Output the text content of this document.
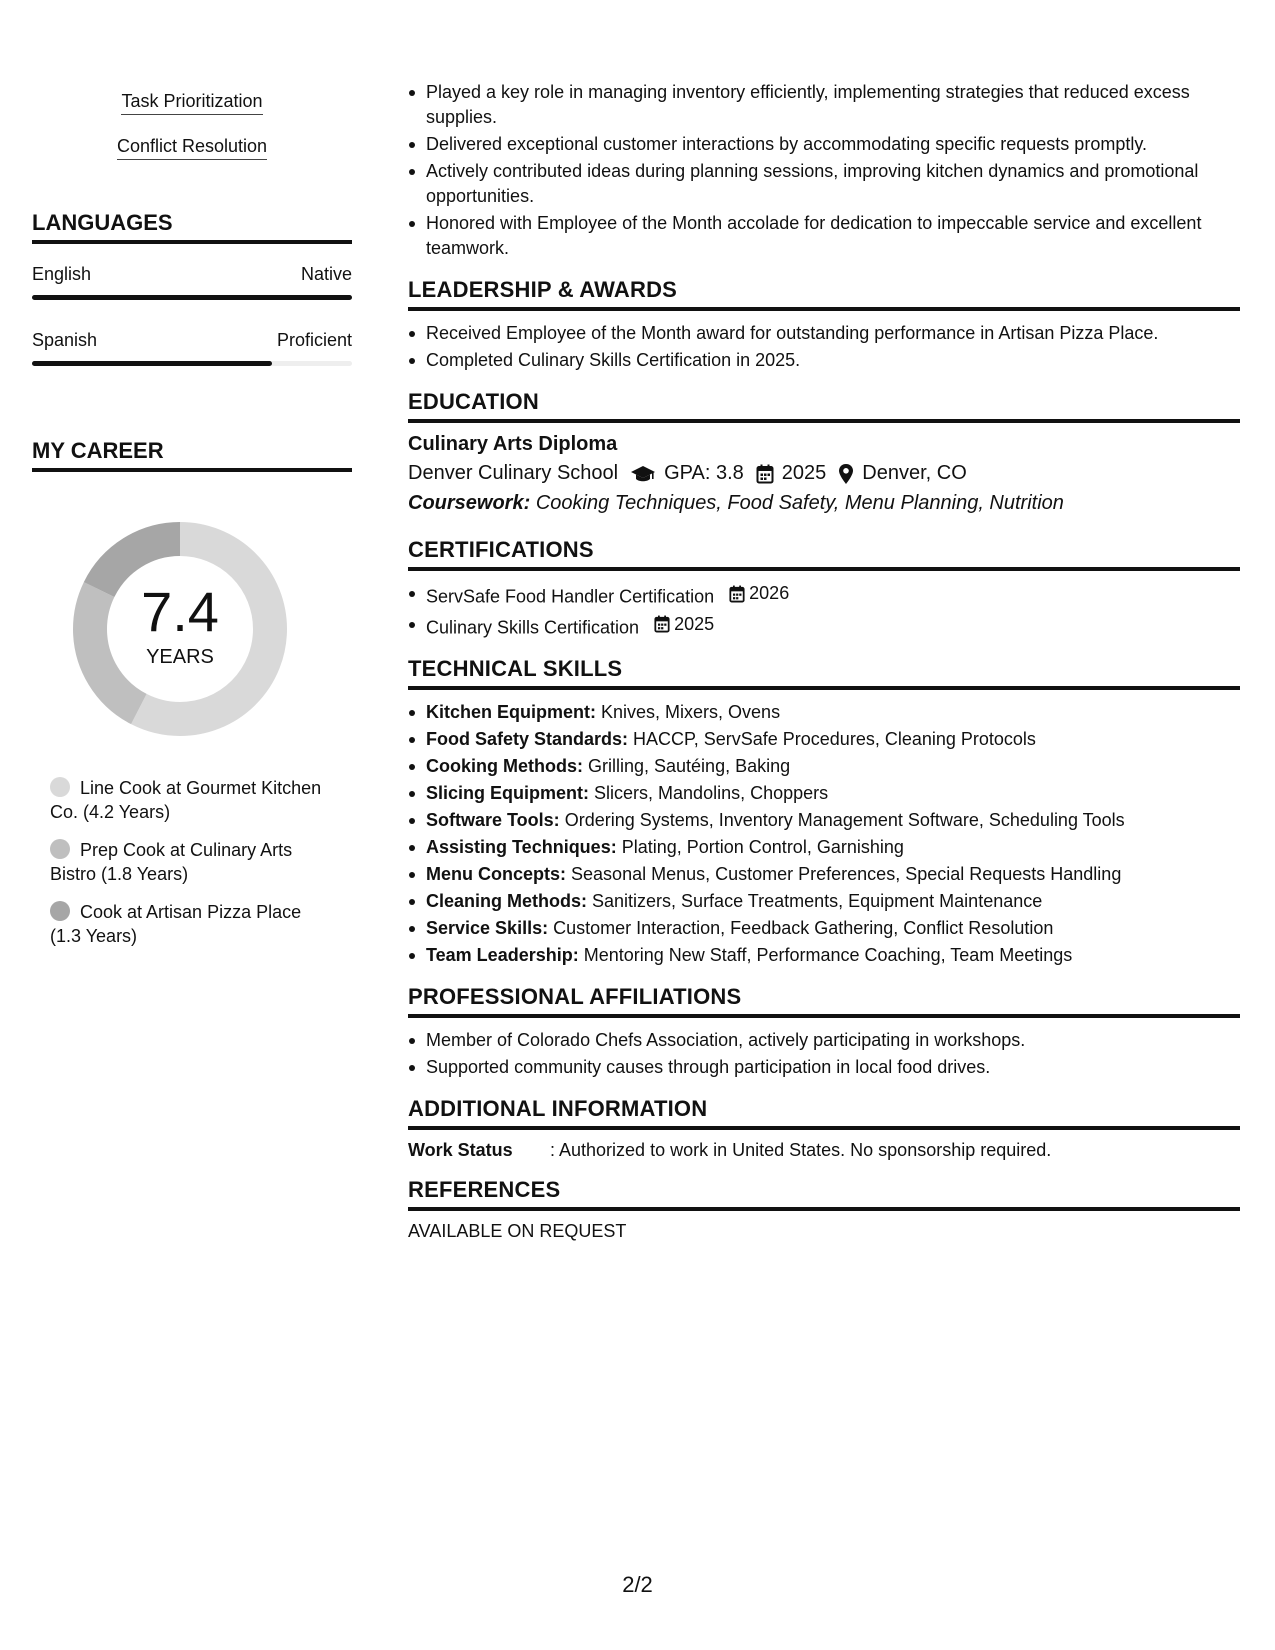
Task Prioritization
Conflict Resolution
LANGUAGES
English	Native
Spanish	Proficient
MY CAREER
7.4
YEARS
Line Cook at Gourmet Kitchen Co. (4.2 Years)
Prep Cook at Culinary Arts Bistro (1.8 Years)
Cook at Artisan Pizza Place (1.3 Years)
Played a key role in managing inventory efficiently, implementing strategies that reduced excess supplies.
Delivered exceptional customer interactions by accommodating specific requests promptly.
Actively contributed ideas during planning sessions, improving kitchen dynamics and promotional opportunities.
Honored with Employee of the Month accolade for dedication to impeccable service and excellent teamwork.
LEADERSHIP & AWARDS
Received Employee of the Month award for outstanding performance in Artisan Pizza Place.
Completed Culinary Skills Certification in 2025.
EDUCATION
Culinary Arts Diploma
Denver Culinary School GPA: 3.8 2025 Denver, CO
Coursework: Cooking Techniques, Food Safety, Menu Planning, Nutrition
CERTIFICATIONS
ServSafe Food Handler Certification 2026
Culinary Skills Certification 2025
TECHNICAL SKILLS
Kitchen Equipment: Knives, Mixers, Ovens
Food Safety Standards: HACCP, ServSafe Procedures, Cleaning Protocols
Cooking Methods: Grilling, Sautéing, Baking
Slicing Equipment: Slicers, Mandolins, Choppers
Software Tools: Ordering Systems, Inventory Management Software, Scheduling Tools
Assisting Techniques: Plating, Portion Control, Garnishing
Menu Concepts: Seasonal Menus, Customer Preferences, Special Requests Handling
Cleaning Methods: Sanitizers, Surface Treatments, Equipment Maintenance
Service Skills: Customer Interaction, Feedback Gathering, Conflict Resolution
Team Leadership: Mentoring New Staff, Performance Coaching, Team Meetings
PROFESSIONAL AFFILIATIONS
Member of Colorado Chefs Association, actively participating in workshops.
Supported community causes through participation in local food drives.
ADDITIONAL INFORMATION
Work Status	: Authorized to work in United States. No sponsorship required.
REFERENCES
AVAILABLE ON REQUEST
2/2
